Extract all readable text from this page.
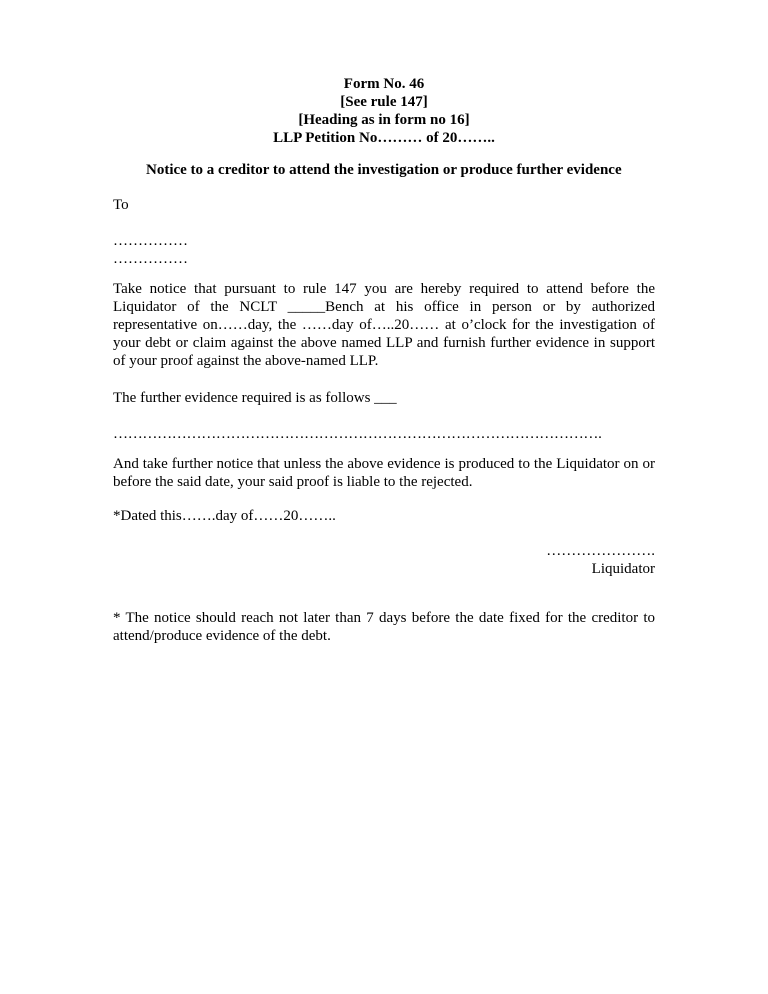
Form No. 46
[See rule 147]
[Heading as in form no 16]
LLP Petition No……… of 20……..
Notice to a creditor to attend the investigation or produce further evidence
To
……………
……………
Take notice that pursuant to rule 147 you are hereby required to attend before the Liquidator of the NCLT _____Bench at his office in person or by authorized representative on……day, the ……day of…..20…… at o’clock for the investigation of your debt or claim against the above named LLP and furnish further evidence in support of your proof against the above-named LLP.
The further evidence required is as follows ___
……………………………………………………………………………………….
And take further notice that unless the above evidence is produced to the Liquidator on or before the said date, your said proof is liable to the rejected.
*Dated this…….day of……20……..
………………….
Liquidator
* The notice should reach not later than 7 days before the date fixed for the creditor to attend/produce evidence of the debt.
